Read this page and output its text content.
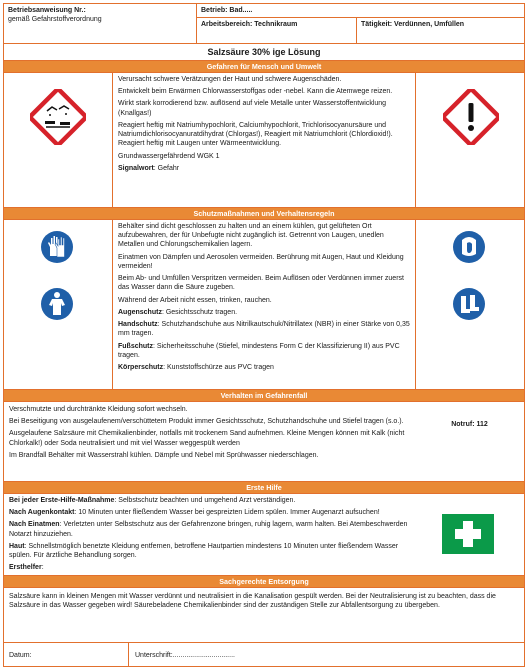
Betriebsanweisung Nr.:
gemäß Gefahrstoffverordnung
Betrieb: Bad.....
Arbeitsbereich: Technikraum	Tätigkeit: Verdünnen, Umfüllen
Salzsäure 30% ige Lösung
Gefahren für Mensch und Umwelt

Verursacht schwere Verätzungen der Haut und schwere Augenschäden.

Entwickelt beim Erwärmen Chlorwasserstoffgas oder -nebel. Kann die Atemwege reizen.

Wirkt stark korrodierend bzw. auflösend auf viele Metalle unter Wasserstoffentwicklung (Knallgas!)

Reagiert heftig mit Natriumhypochlorit, Calciumhypochlorit, Trichlorisocyanursäure und Natriumdichlorisocyanuratdihydrat (Chlorgas!), Reagiert mit Natriumchlorit (Chlordioxid!). Reagiert heftig mit Laugen unter Wärmeentwicklung.

Grundwassergefährdend WGK 1

Signalwort: Gefahr

Schutzmaßnahmen und Verhaltensregeln

Behälter sind dicht geschlossen zu halten und an einem kühlen, gut gelüfteten Ort aufzubewahren, der für Unbefugte nicht zugänglich ist. Getrennt von Laugen, unedlen Metallen und Chlorungschemikalien lagern.

Einatmen von Dämpfen und Aerosolen vermeiden. Berührung mit Augen, Haut und Kleidung vermeiden!

Beim Ab- und Umfüllen Verspritzen vermeiden. Beim Auflösen oder Verdünnen immer zuerst das Wasser dann die Säure zugeben.

Während der Arbeit nicht essen, trinken, rauchen.

Augenschutz: Gesichtsschutz tragen.

Handschutz: Schutzhandschuhe aus Nitrilkautschuk/Nitrillatex (NBR) in einer Stärke von 0,35 mm tragen.

Fußschutz: Sicherheitsschuhe (Stiefel, mindestens Form C der Klassifizierung II) aus PVC tragen.

Körperschutz: Kunststoffschürze aus PVC tragen

Verhalten im Gefahrenfall

Verschmutzte und durchtränkte Kleidung sofort wechseln.

Bei Beseitigung von ausgelaufenem/verschüttetem Produkt immer Gesichtsschutz, Schutzhandschuhe und Stiefel tragen (s.o.).

Ausgelaufene Salzsäure mit Chemikalienbinder, notfalls mit trockenem Sand aufnehmen. Kleine Mengen können mit Kalk (nicht Chlorkalk!) oder Soda neutralisiert und mit viel Wasser weggespült werden

Im Brandfall Behälter mit Wasserstrahl kühlen. Dämpfe und Nebel mit Sprühwasser niederschlagen.

Notruf: 112
Erste Hilfe

Bei jeder Erste-Hilfe-Maßnahme: Selbstschutz beachten und umgehend Arzt verständigen.

Nach Augenkontakt: 10 Minuten unter fließendem Wasser bei gespreizten Lidern spülen. Immer Augenarzt aufsuchen!

Nach Einatmen: Verletzten unter Selbstschutz aus der Gefahrenzone bringen, ruhig lagern, warm halten. Bei Atembeschwerden Notarzt hinzuziehen.

Haut: Schnellstmöglich benetzte Kleidung entfernen, betroffene Hautpartien mindestens 10 Minuten unter fließendem Wasser spülen. Für ärztliche Behandlung sorgen.

Ersthelfer:

Sachgerechte Entsorgung

Salzsäure kann in kleinen Mengen mit Wasser verdünnt und neutralisiert in die Kanalisation gespült werden. Bei der Neutralisierung ist zu beachten, dass die Salzsäure in das Wasser gegeben wird! Säurebeladene Chemikalienbinder sind der zuständigen Stelle zur Abfallentsorgung zu übergeben.

Datum:	Unterschrift:................................
